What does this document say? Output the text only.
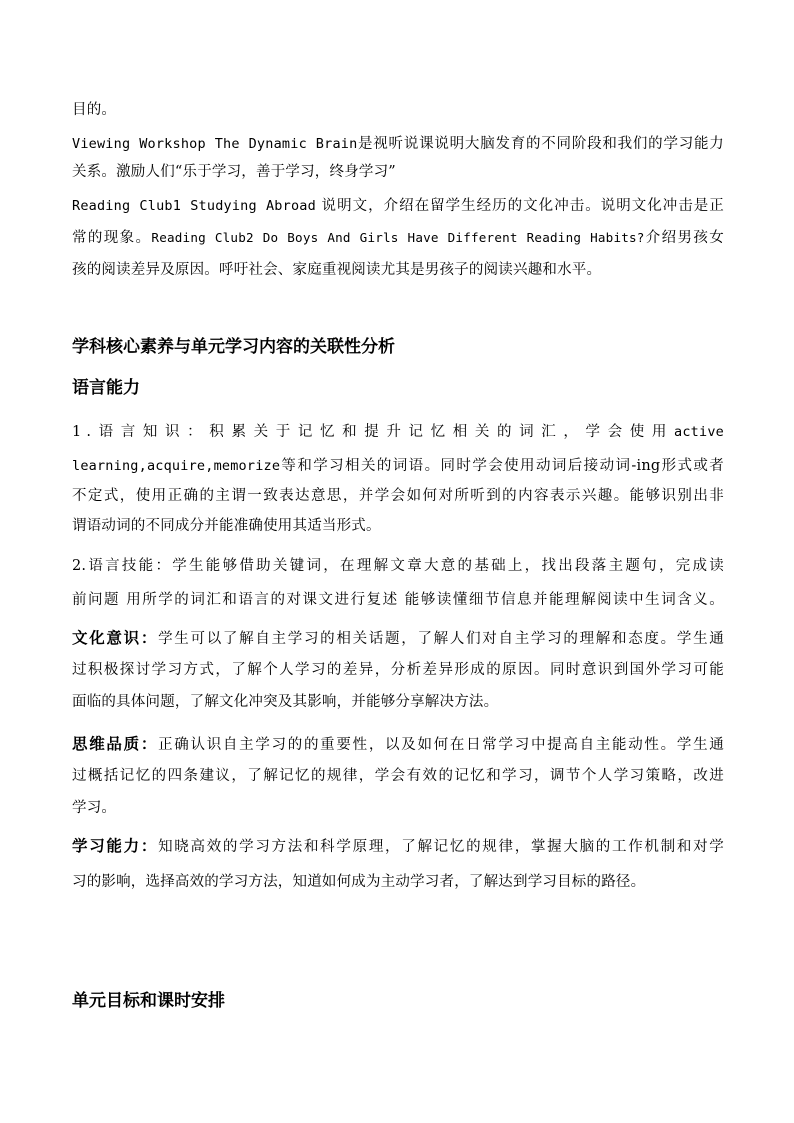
目的。
Viewing Workshop The Dynamic Brain是视听说课说明大脑发育的不同阶段和我们的学习能力
关系。激励人们“乐于学习，善于学习，终身学习”
Reading Club1 Studying Abroad 说明文，介绍在留学生经历的文化冲击。说明文化冲击是正
常的现象。Reading Club2 Do Boys And Girls Have Different Reading Habits?介绍男孩女
孩的阅读差异及原因。呼吁社会、家庭重视阅读尤其是男孩子的阅读兴趣和水平。
学科核心素养与单元学习内容的关联性分析
语言能力
1.语言知识：积累关于记忆和提升记忆相关的词汇，学会使用active
learning,acquire,memorize等和学习相关的词语。同时学会使用动词后接动词-ing形式或者
不定式，使用正确的主谓一致表达意思，并学会如何对所听到的内容表示兴趣。能够识别出非
谓语动词的不同成分并能准确使用其适当形式。
2.语言技能：学生能够借助关键词，在理解文章大意的基础上，找出段落主题句，完成读
前问题 用所学的词汇和语言的对课文进行复述 能够读懂细节信息并能理解阅读中生词含义。
文化意识：学生可以了解自主学习的相关话题，了解人们对自主学习的理解和态度。学生通
过积极探讨学习方式，了解个人学习的差异，分析差异形成的原因。同时意识到国外学习可能
面临的具体问题，了解文化冲突及其影响，并能够分享解决方法。
思维品质：正确认识自主学习的的重要性，以及如何在日常学习中提高自主能动性。学生通
过概括记忆的四条建议，了解记忆的规律，学会有效的记忆和学习，调节个人学习策略，改进
学习。
学习能力：知晓高效的学习方法和科学原理，了解记忆的规律，掌握大脑的工作机制和对学
习的影响，选择高效的学习方法，知道如何成为主动学习者，了解达到学习目标的路径。
单元目标和课时安排
